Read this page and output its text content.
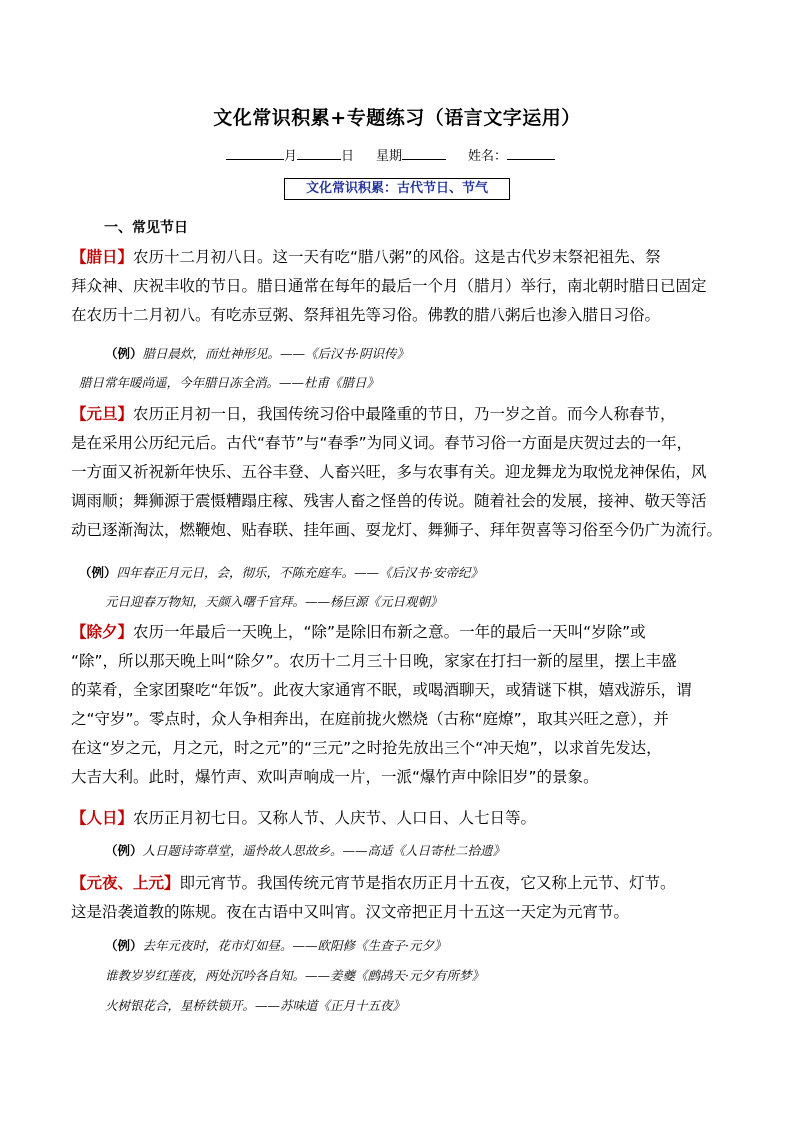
文化常识积累+专题练习（语言文字运用）
月	日 星期	姓名：
文化常识积累：古代节日、节气
一、常见节日

【腊日】农历十二月初八日。这一天有吃“腊八粥”的风俗。这是古代岁末祭祀祖先、祭

拜众神、庆祝丰收的节日。腊日通常在每年的最后一个月（腊月）举行，南北朝时腊日已固定

在农历十二月初八。有吃赤豆粥、祭拜祖先等习俗。佛教的腊八粥后也渗入腊日习俗。

（例）腊日晨炊，而灶神形见。——《后汉书·阴识传》
腊日常年暖尚遥，今年腊日冻全消。——杜甫《腊日》

【元旦】农历正月初一日，我国传统习俗中最隆重的节日，乃一岁之首。而今人称春节，

是在采用公历纪元后。古代“春节”与“春季”为同义词。春节习俗一方面是庆贺过去的一年，

一方面又祈祝新年快乐、五谷丰登、人畜兴旺，多与农事有关。迎龙舞龙为取悦龙神保佑，风

调雨顺；舞狮源于震慑糟蹋庄稼、残害人畜之怪兽的传说。随着社会的发展，接神、敬天等活

动已逐渐淘汰，燃鞭炮、贴春联、挂年画、耍龙灯、舞狮子、拜年贺喜等习俗至今仍广为流行。

（例）四年春正月元日，会，彻乐，不陈充庭车。——《后汉书·安帝纪》
元日迎春万物知，天颜入曙千官拜。——杨巨源《元日观朝》

【除夕】农历一年最后一天晚上，“除”是除旧布新之意。一年的最后一天叫“岁除”或

“除”，所以那天晚上叫“除夕”。农历十二月三十日晚，家家在打扫一新的屋里，摆上丰盛

的菜肴，全家团聚吃“年饭”。此夜大家通宵不眠，或喝酒聊天，或猜谜下棋，嬉戏游乐，谓

之“守岁”。零点时，众人争相奔出，在庭前拢火燃烧（古称“庭燎”，取其兴旺之意），并

在这“岁之元，月之元，时之元”的“三元”之时抢先放出三个“冲天炮”，以求首先发达，

大吉大利。此时，爆竹声、欢叫声响成一片，一派“爆竹声中除旧岁”的景象。

【人日】农历正月初七日。又称人节、人庆节、人口日、人七日等。

（例）人日题诗寄草堂，遥怜故人思故乡。——高适《人日寄杜二拾遗》

【元夜、上元】即元宵节。我国传统元宵节是指农历正月十五夜，它又称上元节、灯节。

这是沿袭道教的陈规。夜在古语中又叫宵。汉文帝把正月十五这一天定为元宵节。

（例）去年元夜时，花市灯如昼。——欧阳修《生查子·元夕》
谁教岁岁红莲夜，两处沉吟各自知。——姜夔《鹧鸪天·元夕有所梦》
火树银花合，星桥铁锁开。——苏味道《正月十五夜》
